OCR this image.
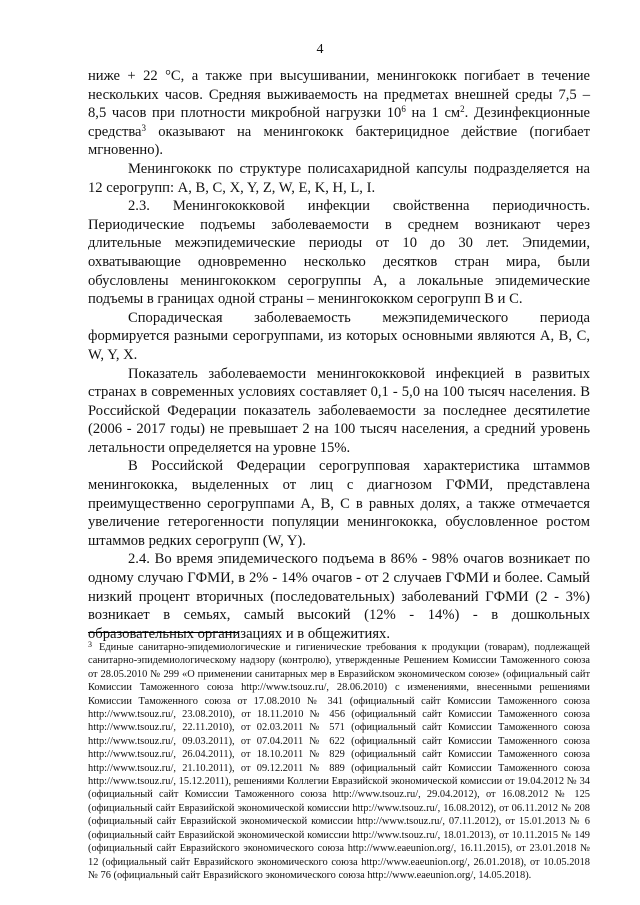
4

ниже + 22 °С, а также при высушивании, менингококк погибает в течение нескольких часов. Средняя выживаемость на предметах внешней среды 7,5 – 8,5 часов при плотности микробной нагрузки $10^6$ на 1 $см^2$. Дезинфекционные средства$^3$ оказывают на менингококк бактерицидное действие (погибает мгновенно).

Менингококк по структуре полисахаридной капсулы подразделяется на 12 серогрупп: A, B, C, X, Y, Z, W, E, K, H, L, I.

2.3. Менингококковой инфекции свойственна периодичность. Периодические подъемы заболеваемости в среднем возникают через длительные межэпидемические периоды от 10 до 30 лет. Эпидемии, охватывающие одновременно несколько десятков стран мира, были обусловлены менингококком серогруппы А, а локальные эпидемические подъемы в границах одной страны – менингококком серогрупп В и С.

Спорадическая заболеваемость межэпидемического периода формируется разными серогруппами, из которых основными являются A, B, C, W, Y, X.

Показатель заболеваемости менингококковой инфекцией в развитых странах в современных условиях составляет 0,1 - 5,0 на 100 тысяч населения. В Российской Федерации показатель заболеваемости за последнее десятилетие (2006 - 2017 годы) не превышает 2 на 100 тысяч населения, а средний уровень летальности определяется на уровне 15%.

В Российской Федерации серогрупповая характеристика штаммов менингококка, выделенных от лиц с диагнозом ГФМИ, представлена преимущественно серогруппами A, B, C в равных долях, а также отмечается увеличение гетерогенности популяции менингококка, обусловленное ростом штаммов редких серогрупп (W, Y).

2.4. Во время эпидемического подъема в 86% - 98% очагов возникает по одному случаю ГФМИ, в 2% - 14% очагов - от 2 случаев ГФМИ и более. Самый низкий процент вторичных (последовательных) заболеваний ГФМИ (2 - 3%) возникает в семьях, самый высокий (12% - 14%) - в дошкольных образовательных организациях и в общежитиях.

$^3$ Единые санитарно-эпидемиологические и гигиенические требования к продукции (товарам), подлежащей санитарно-эпидемиологическому надзору (контролю), утвержденные Решением Комиссии Таможенного союза от 28.05.2010 № 299 «О применении санитарных мер в Евразийском экономическом союзе» (официальный сайт Комиссии Таможенного союза http://www.tsouz.ru/, 28.06.2010) с изменениями, внесенными решениями Комиссии Таможенного союза от 17.08.2010 № 341 (официальный сайт Комиссии Таможенного союза http://www.tsouz.ru/, 23.08.2010), от 18.11.2010 № 456 (официальный сайт Комиссии Таможенного союза http://www.tsouz.ru/, 22.11.2010), от 02.03.2011 № 571 (официальный сайт Комиссии Таможенного союза http://www.tsouz.ru/, 09.03.2011), от 07.04.2011 № 622 (официальный сайт Комиссии Таможенного союза http://www.tsouz.ru/, 26.04.2011), от 18.10.2011 № 829 (официальный сайт Комиссии Таможенного союза http://www.tsouz.ru/, 21.10.2011), от 09.12.2011 № 889 (официальный сайт Комиссии Таможенного союза http://www.tsouz.ru/, 15.12.2011), решениями Коллегии Евразийской экономической комиссии от 19.04.2012 № 34 (официальный сайт Комиссии Таможенного союза http://www.tsouz.ru/, 29.04.2012), от 16.08.2012 № 125 (официальный сайт Евразийской экономической комиссии http://www.tsouz.ru/, 16.08.2012), от 06.11.2012 № 208 (официальный сайт Евразийской экономической комиссии http://www.tsouz.ru/, 07.11.2012), от 15.01.2013 № 6 (официальный сайт Евразийской экономической комиссии http://www.tsouz.ru/, 18.01.2013), от 10.11.2015 № 149 (официальный сайт Евразийского экономического союза http://www.eaeunion.org/, 16.11.2015), от 23.01.2018 № 12 (официальный сайт Евразийского экономического союза http://www.eaeunion.org/, 26.01.2018), от 10.05.2018 № 76 (официальный сайт Евразийского экономического союза http://www.eaeunion.org/, 14.05.2018).
